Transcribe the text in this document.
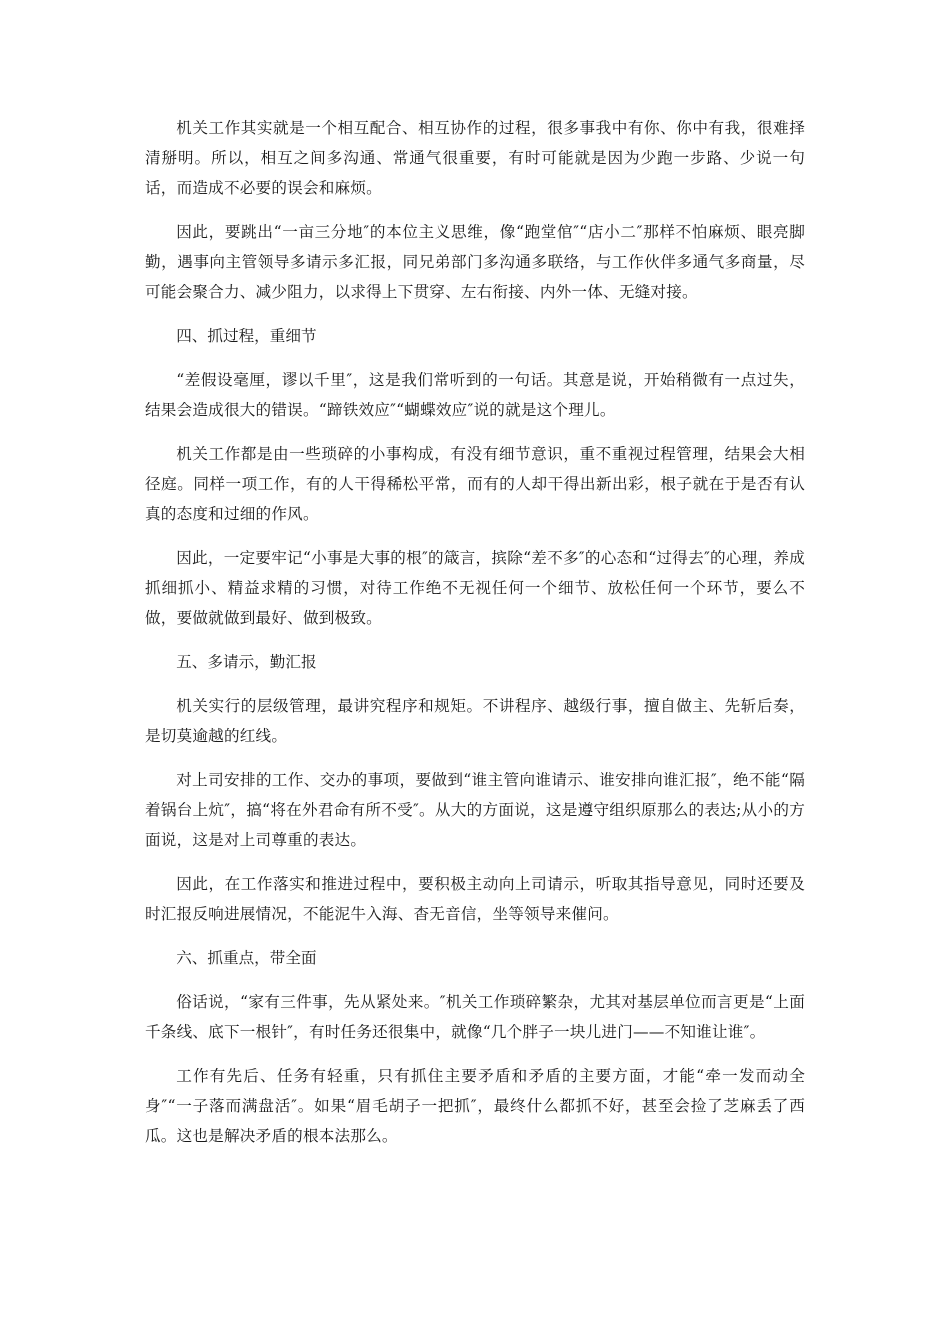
机关工作其实就是一个相互配合、相互协作的过程，很多事我中有你、你中有我，很难择清掰明。所以，相互之间多沟通、常通气很重要，有时可能就是因为少跑一步路、少说一句话，而造成不必要的误会和麻烦。

因此，要跳出“一亩三分地″的本位主义思维，像“跑堂倌″“店小二″那样不怕麻烦、眼亮脚勤，遇事向主管领导多请示多汇报，同兄弟部门多沟通多联络，与工作伙伴多通气多商量，尽可能会聚合力、减少阻力，以求得上下贯穿、左右衔接、内外一体、无缝对接。

四、抓过程，重细节

“差假设毫厘，谬以千里″，这是我们常听到的一句话。其意是说，开始稍微有一点过失，结果会造成很大的错误。“蹄铁效应″“蝴蝶效应″说的就是这个理儿。

机关工作都是由一些琐碎的小事构成，有没有细节意识，重不重视过程管理，结果会大相径庭。同样一项工作，有的人干得稀松平常，而有的人却干得出新出彩，根子就在于是否有认真的态度和过细的作风。

因此，一定要牢记“小事是大事的根″的箴言，摈除“差不多″的心态和“过得去″的心理，养成抓细抓小、精益求精的习惯，对待工作绝不无视任何一个细节、放松任何一个环节，要么不做，要做就做到最好、做到极致。

五、多请示，勤汇报

机关实行的层级管理，最讲究程序和规矩。不讲程序、越级行事，擅自做主、先斩后奏，是切莫逾越的红线。

对上司安排的工作、交办的事项，要做到“谁主管向谁请示、谁安排向谁汇报″，绝不能“隔着锅台上炕″，搞“将在外君命有所不受″。从大的方面说，这是遵守组织原那么的表达;从小的方面说，这是对上司尊重的表达。

因此，在工作落实和推进过程中，要积极主动向上司请示，听取其指导意见，同时还要及时汇报反响进展情况，不能泥牛入海、杳无音信，坐等领导来催问。

六、抓重点，带全面

俗话说，“家有三件事，先从紧处来。″机关工作琐碎繁杂，尤其对基层单位而言更是“上面千条线、底下一根针″，有时任务还很集中，就像“几个胖子一块儿进门——不知谁让谁″。

工作有先后、任务有轻重，只有抓住主要矛盾和矛盾的主要方面，才能“牵一发而动全身″“一子落而满盘活″。如果“眉毛胡子一把抓″，最终什么都抓不好，甚至会捡了芝麻丢了西瓜。这也是解决矛盾的根本法那么。
